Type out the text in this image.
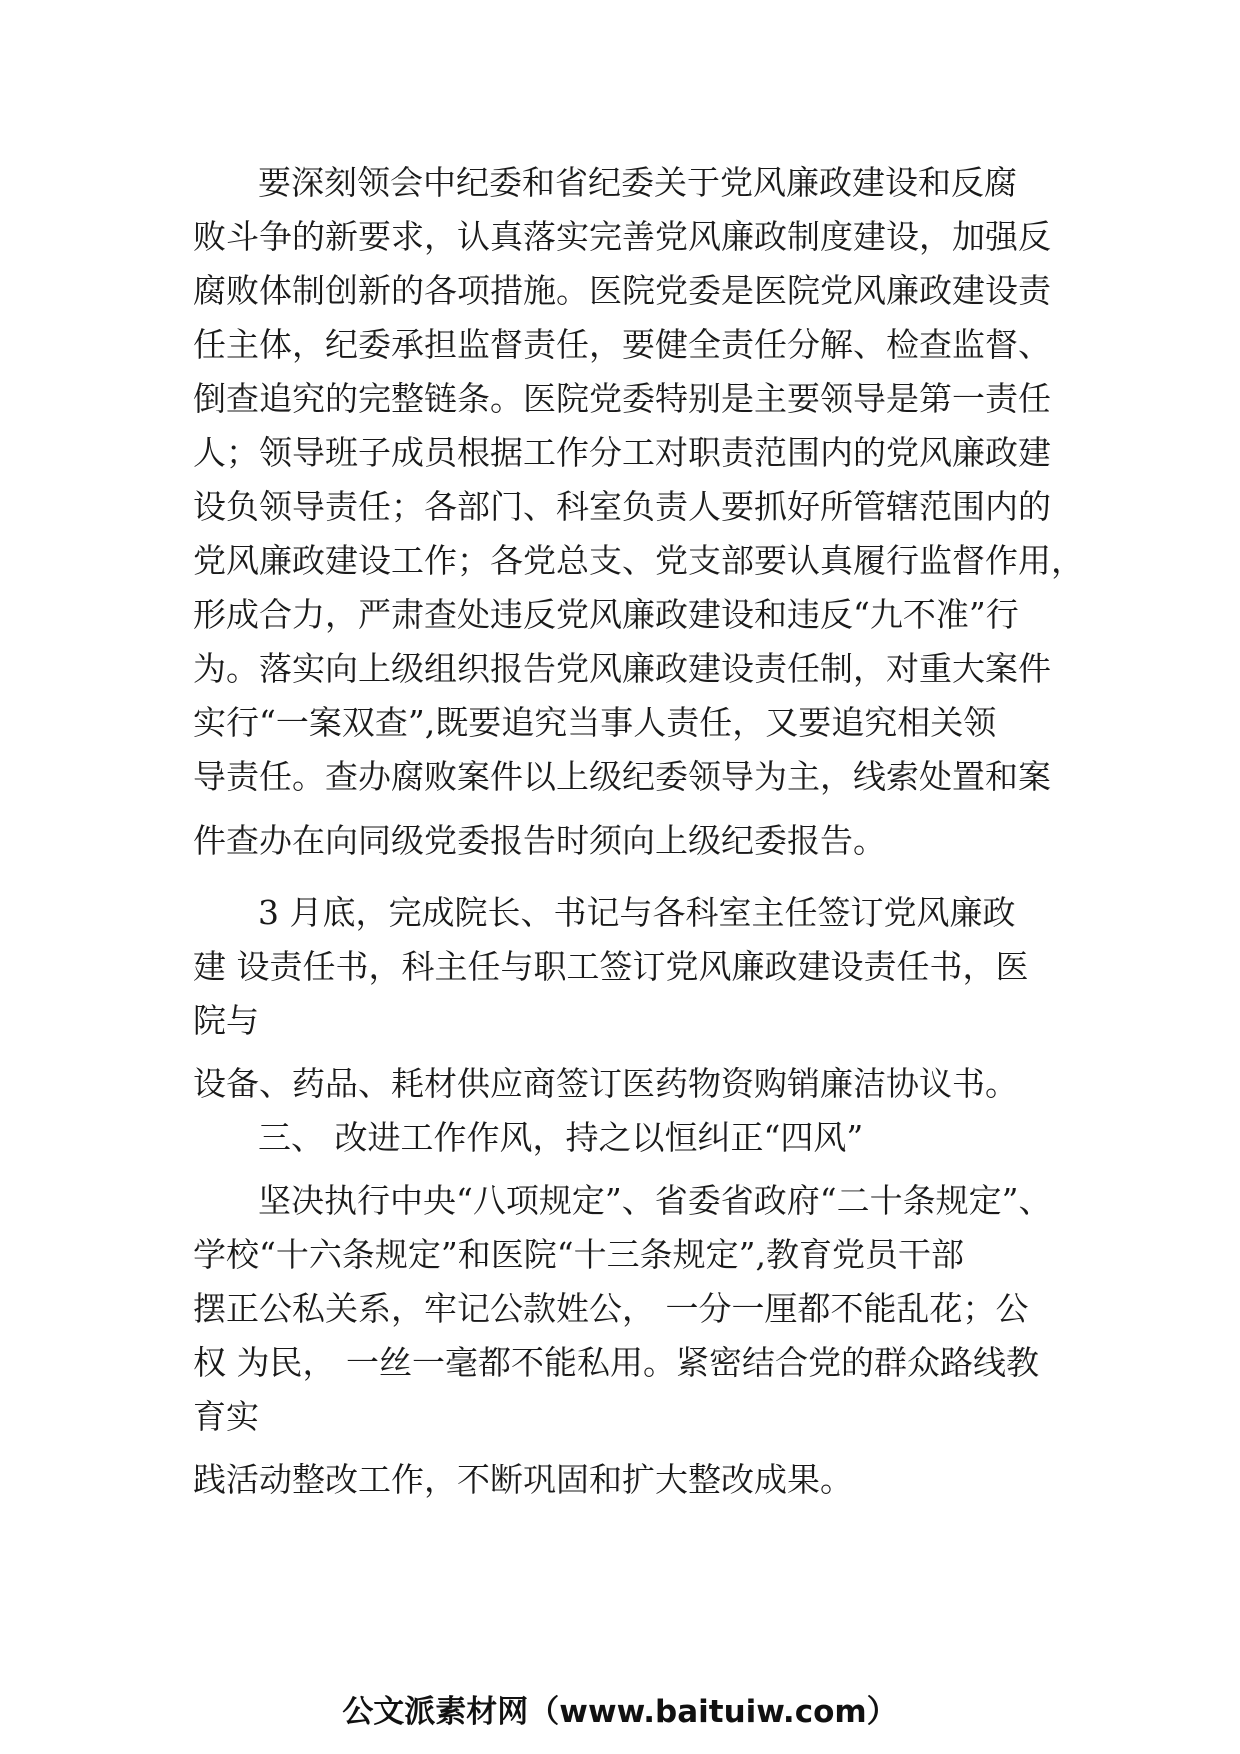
要深刻领会中纪委和省纪委关于党风廉政建设和反腐
败斗争的新要求，认真落实完善党风廉政制度建设，加强反
腐败体制创新的各项措施。医院党委是医院党风廉政建设责
任主体，纪委承担监督责任，要健全责任分解、检查监督、
倒查追究的完整链条。医院党委特别是主要领导是第一责任
人；领导班子成员根据工作分工对职责范围内的党风廉政建
设负领导责任；各部门、科室负责人要抓好所管辖范围内的
党风廉政建设工作；各党总支、党支部要认真履行监督作用，
形成合力，严肃查处违反党风廉政建设和违反“九不准”行
为。落实向上级组织报告党风廉政建设责任制，对重大案件
实行“一案双查”,既要追究当事人责任，又要追究相关领
导责任。查办腐败案件以上级纪委领导为主，线索处置和案
件查办在向同级党委报告时须向上级纪委报告。
3 月底，完成院长、书记与各科室主任签订党风廉政
建 设责任书，科主任与职工签订党风廉政建设责任书，医
院与
设备、药品、耗材供应商签订医药物资购销廉洁协议书。
三、 改进工作作风，持之以恒纠正“四风”
坚决执行中央“八项规定”、省委省政府“二十条规定”、
学校“十六条规定”和医院“十三条规定”,教育党员干部
摆正公私关系，牢记公款姓公， 一分一厘都不能乱花；公
权 为民， 一丝一毫都不能私用。紧密结合党的群众路线教
育实
践活动整改工作，不断巩固和扩大整改成果。
公文派素材网（www.baituiw.com）
